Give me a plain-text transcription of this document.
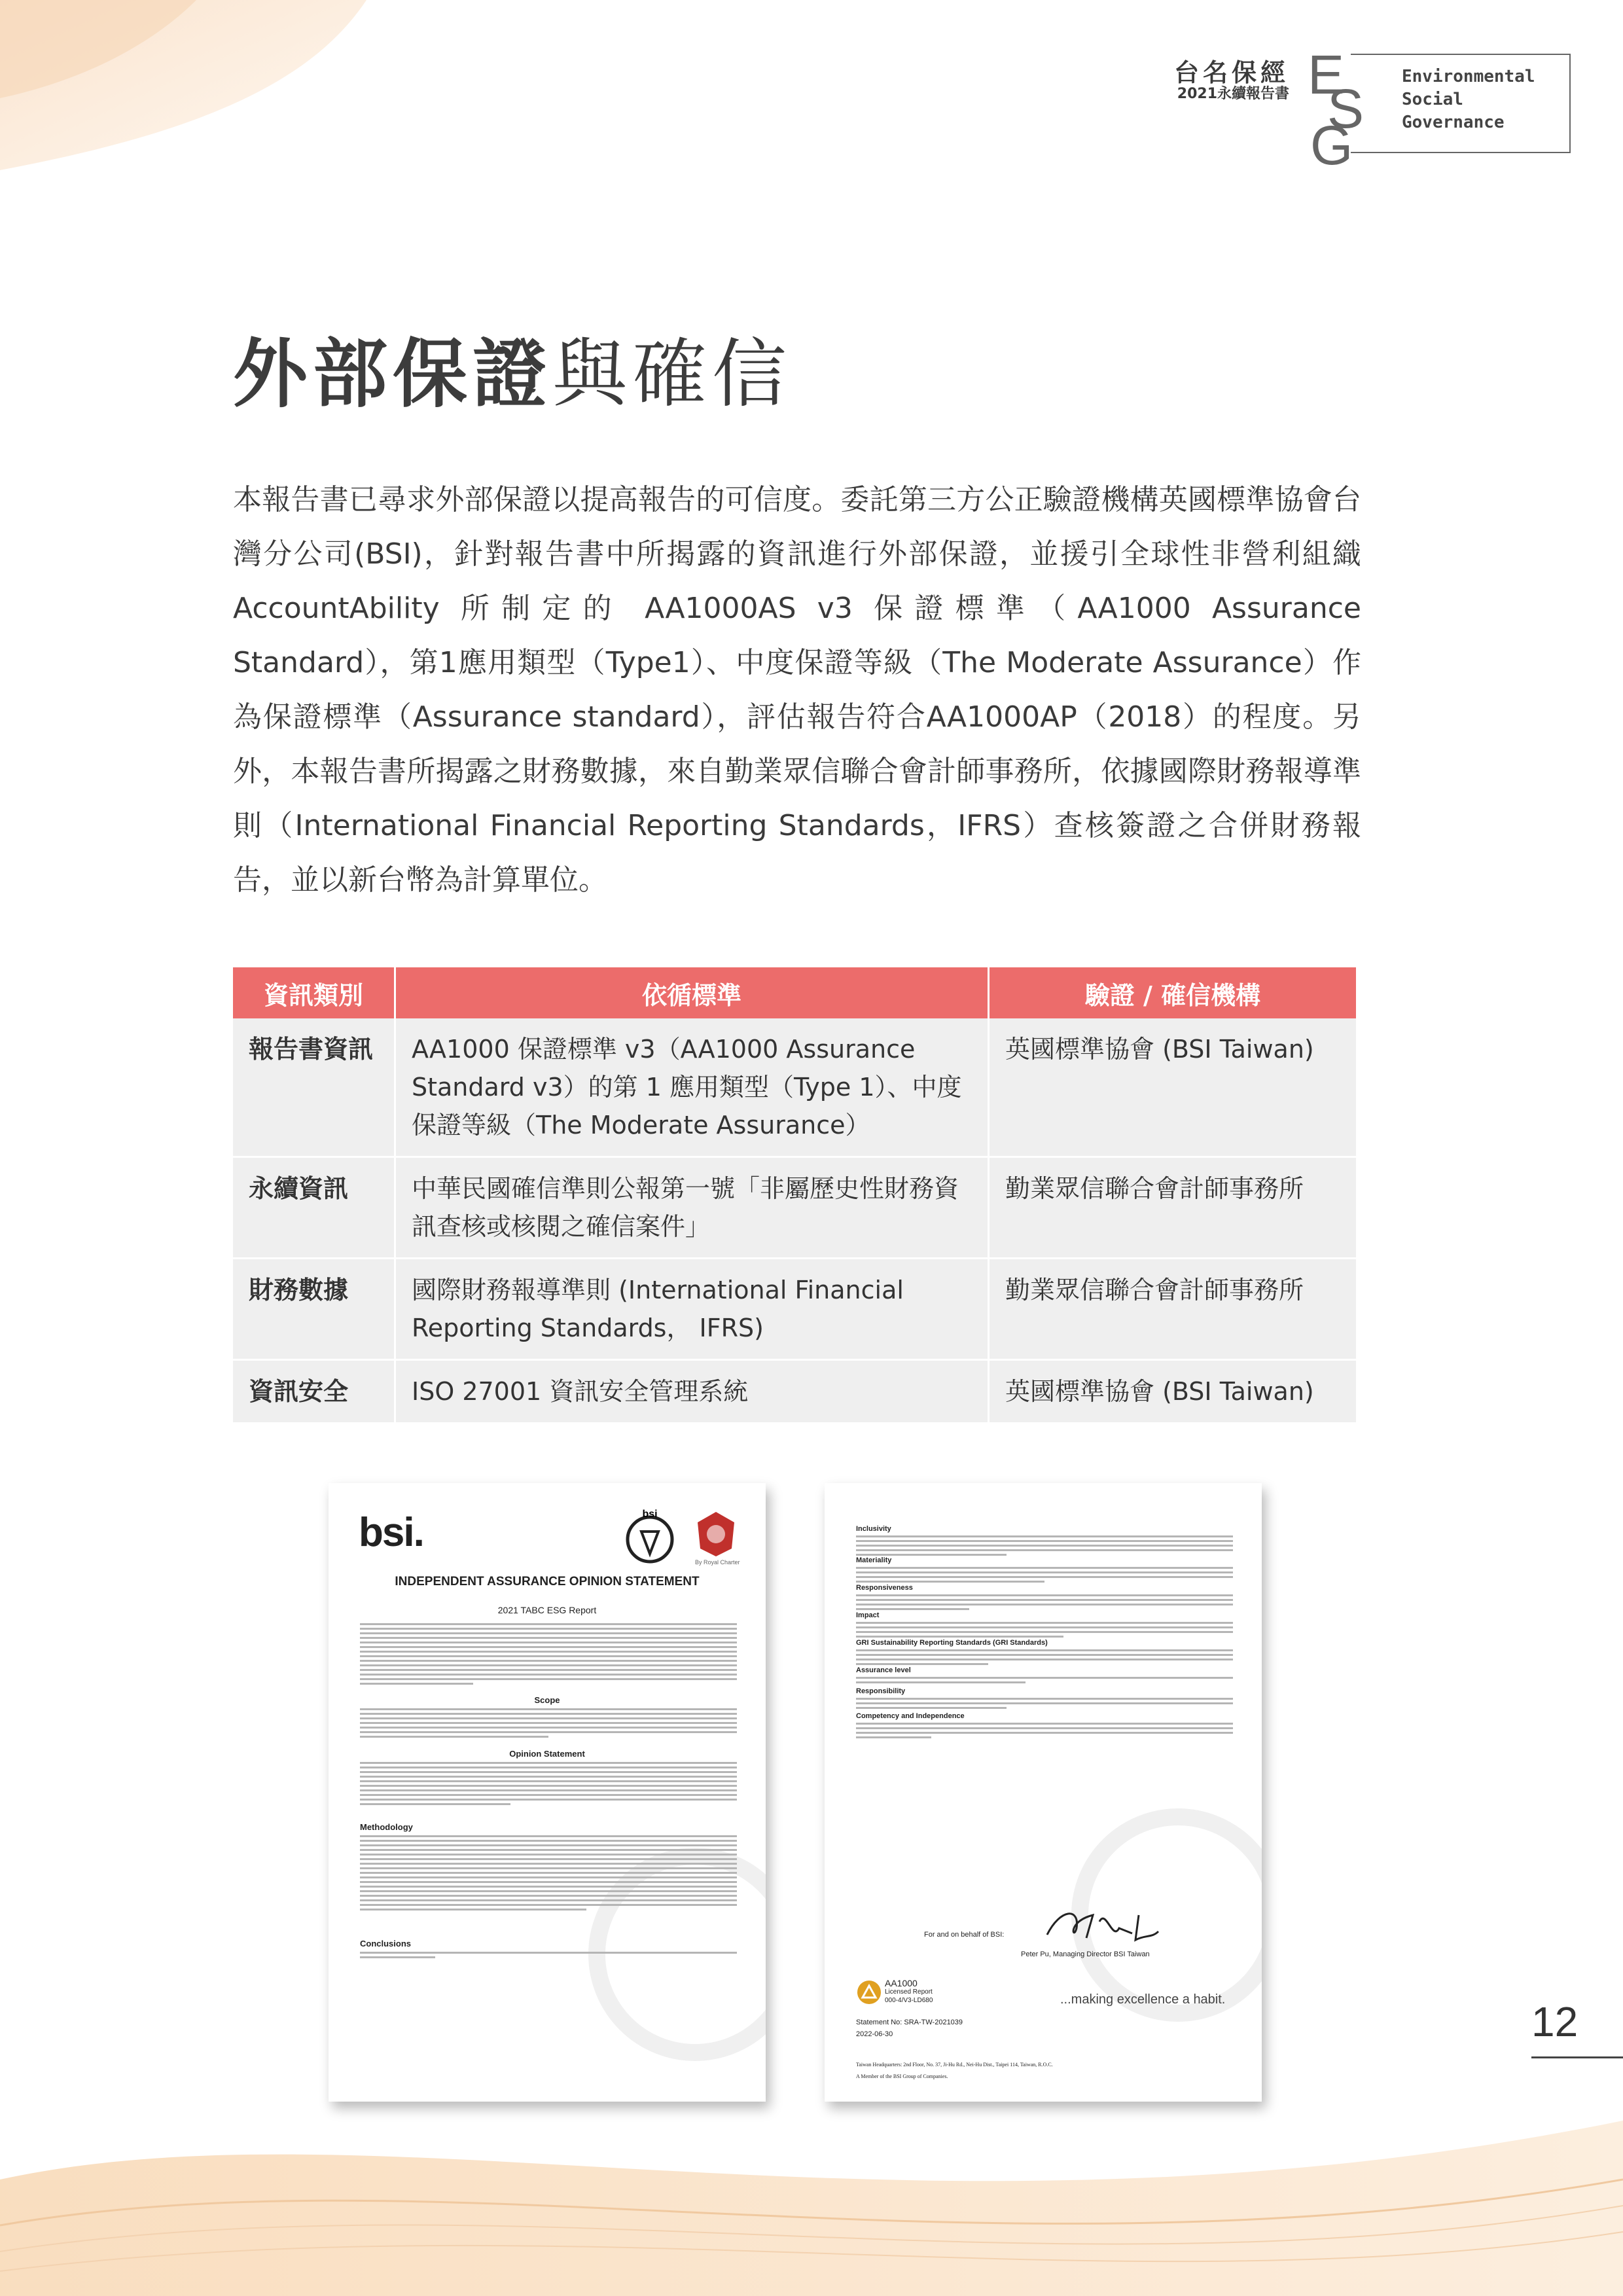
台名保經
2021永續報告書 E
S
G
Environmental
Social
Governance
外部保證與確信
本報告書已尋求外部保證以提高報告的可信度。委託第三方公正驗證機構英國標準協會台灣分公司(BSI)，針對報告書中所揭露的資訊進行外部保證，並援引全球性非營利組織 AccountAbility 所制定的 AA1000AS v3 保證標準（AA1000 Assurance Standard），第1應用類型（Type1）、中度保證等級（The Moderate Assurance）作為保證標準（Assurance standard），評估報告符合AA1000AP（2018）的程度。另外，本報告書所揭露之財務數據，來自勤業眾信聯合會計師事務所，依據國際財務報導準則（International Financial Reporting Standards，IFRS）查核簽證之合併財務報告，並以新台幣為計算單位。
資訊類別	依循標準	驗證 / 確信機構
報告書資訊	AA1000 保證標準 v3（AA1000 Assurance Standard v3）的第 1 應用類型（Type 1）、中度保證等級（The Moderate Assurance）	英國標準協會 (BSI Taiwan)
永續資訊	中華民國確信準則公報第一號「非屬歷史性財務資訊查核或核閱之確信案件」	勤業眾信聯合會計師事務所
財務數據	國際財務報導準則 (International Financial Reporting Standards， IFRS)	勤業眾信聯合會計師事務所
資訊安全	ISO 27001 資訊安全管理系統	英國標準協會 (BSI Taiwan)
bsi.	bsi
By Royal Charter
INDEPENDENT ASSURANCE OPINION STATEMENT
2021 TABC ESG Report
Scope
Opinion Statement
Methodology
Conclusions
Inclusivity
Materiality
Responsiveness
Impact
GRI Sustainability Reporting Standards (GRI Standards)
Assurance level
Responsibility
Competency and Independence
For and on behalf of BSI:
Peter Pu, Managing Director BSI Taiwan
AA1000
Licensed Report
000-4/V3-LD680	...making excellence a habit.
Statement No: SRA-TW-2021039
2022-06-30
Taiwan Headquarters: 2nd Floor, No. 37, Ji-Hu Rd., Nei-Hu Dist., Taipei 114, Taiwan, R.O.C.
A Member of the BSI Group of Companies.
12
